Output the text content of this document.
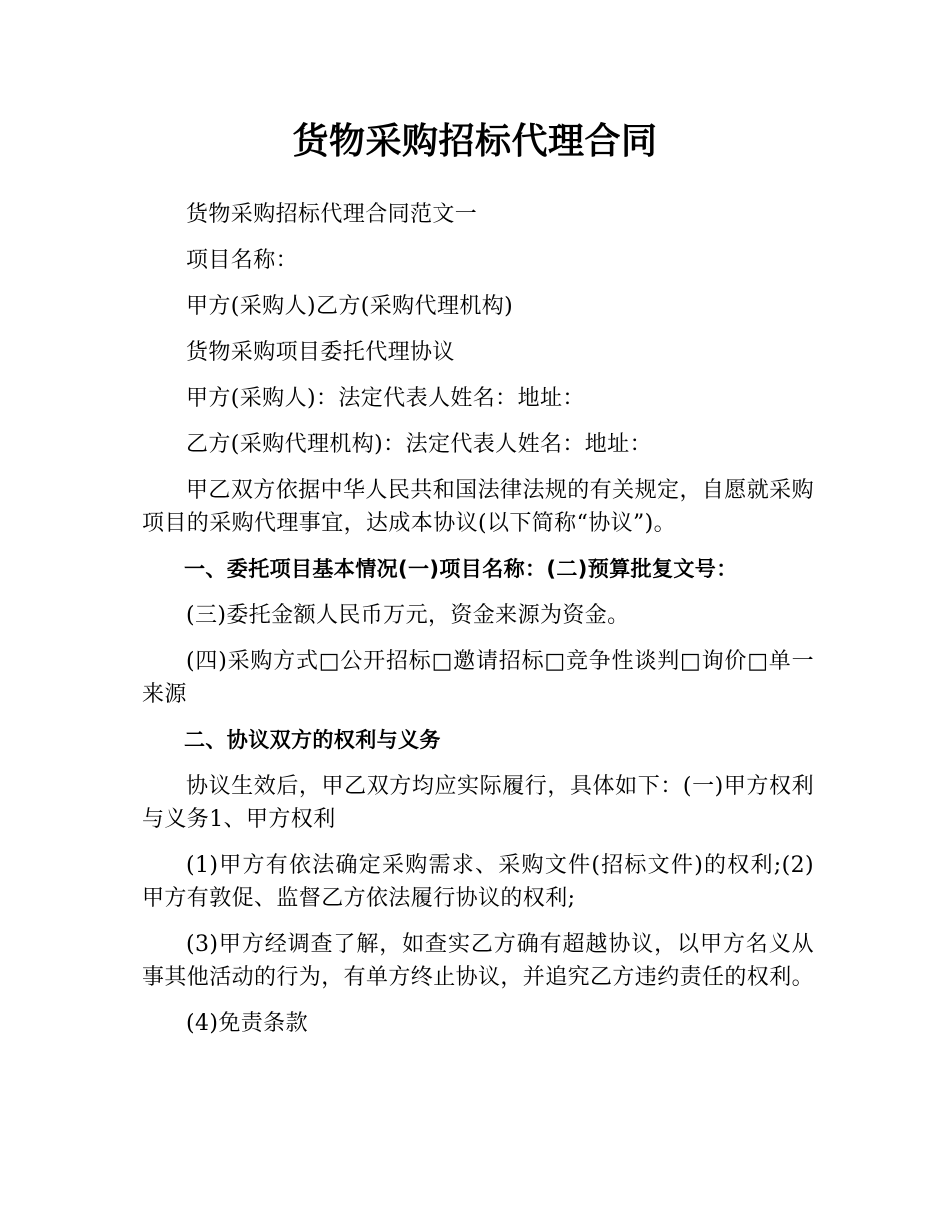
货物采购招标代理合同

货物采购招标代理合同范文一

项目名称：

甲方(采购人)乙方(采购代理机构)

货物采购项目委托代理协议

甲方(采购人)：法定代表人姓名：地址：

乙方(采购代理机构)：法定代表人姓名：地址：

甲乙双方依据中华人民共和国法律法规的有关规定，自愿就采购项目的采购代理事宜，达成本协议(以下简称“协议”)。

一、委托项目基本情况(一)项目名称：(二)预算批复文号：

(三)委托金额人民币万元，资金来源为资金。

(四)采购方式□公开招标□邀请招标□竞争性谈判□询价□单一来源

二、协议双方的权利与义务

协议生效后，甲乙双方均应实际履行，具体如下：(一)甲方权利与义务1、甲方权利

(1)甲方有依法确定采购需求、采购文件(招标文件)的权利;(2)甲方有敦促、监督乙方依法履行协议的权利;

(3)甲方经调查了解，如查实乙方确有超越协议，以甲方名义从事其他活动的行为，有单方终止协议，并追究乙方违约责任的权利。

(4)免责条款
